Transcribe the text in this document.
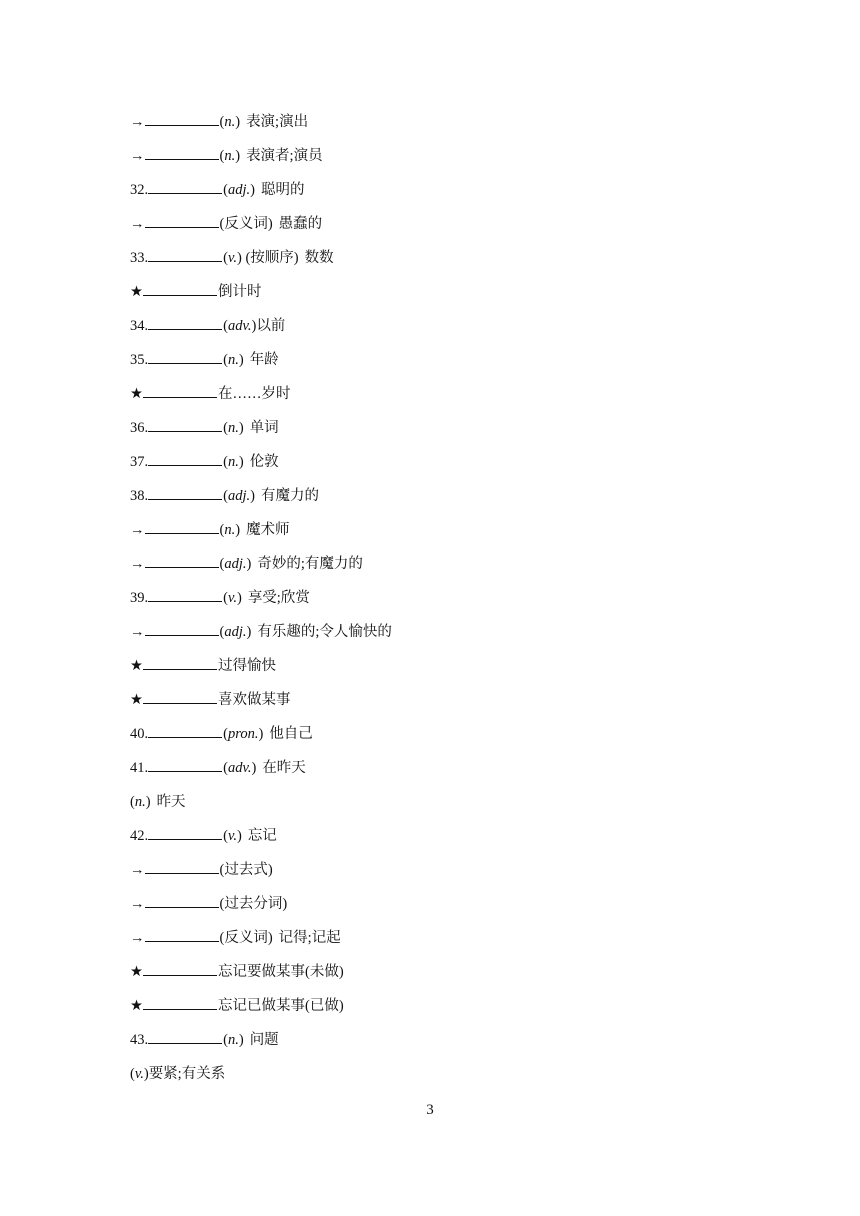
→	(n.) 表演;演出
→	(n.) 表演者;演员
32.	(adj.) 聪明的
→	(反义词) 愚蠢的
33.	(v.) (按顺序) 数数
★	倒计时
34.	(adv.)以前
35.	(n.) 年龄
★	在……岁时
36.	(n.) 单词
37.	(n.) 伦敦
38.	(adj.) 有魔力的
→	(n.) 魔术师
→	(adj.) 奇妙的;有魔力的
39.	(v.) 享受;欣赏
→	(adj.) 有乐趣的;令人愉快的
★	过得愉快
★	喜欢做某事
40.	(pron.) 他自己
41.	(adv.) 在昨天
(n.) 昨天
42.	(v.) 忘记
→	(过去式)
→	(过去分词)
→	(反义词) 记得;记起
★	忘记要做某事(未做)
★	忘记已做某事(已做)
43.	(n.) 问题
(v.)要紧;有关系
3
